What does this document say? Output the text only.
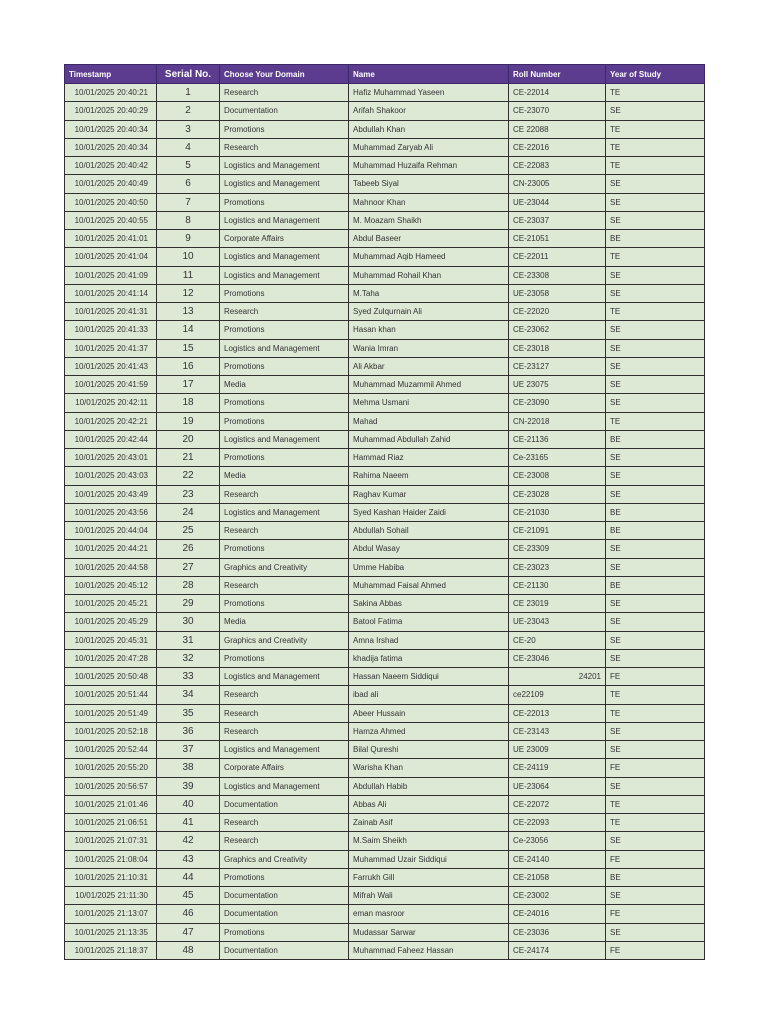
Timestamp	Serial No.	Choose Your Domain	Name	Roll Number	Year of Study
10/01/2025 20:40:21	1	Research	Hafiz Muhammad Yaseen	CE-22014	TE
10/01/2025 20:40:29	2	Documentation	Arifah Shakoor	CE-23070	SE
10/01/2025 20:40:34	3	Promotions	Abdullah Khan	CE 22088	TE
10/01/2025 20:40:34	4	Research	Muhammad Zaryab Ali	CE-22016	TE
10/01/2025 20:40:42	5	Logistics and Management	Muhammad Huzaifa Rehman	CE-22083	TE
10/01/2025 20:40:49	6	Logistics and Management	Tabeeb Siyal	CN-23005	SE
10/01/2025 20:40:50	7	Promotions	Mahnoor Khan	UE-23044	SE
10/01/2025 20:40:55	8	Logistics and Management	M. Moazam Shaikh	CE-23037	SE
10/01/2025 20:41:01	9	Corporate Affairs	Abdul Baseer	CE-21051	BE
10/01/2025 20:41:04	10	Logistics and Management	Muhammad Aqib Hameed	CE-22011	TE
10/01/2025 20:41:09	11	Logistics and Management	Muhammad Rohail Khan	CE-23308	SE
10/01/2025 20:41:14	12	Promotions	M.Taha	UE-23058	SE
10/01/2025 20:41:31	13	Research	Syed Zulqurnain Ali	CE-22020	TE
10/01/2025 20:41:33	14	Promotions	Hasan khan	CE-23062	SE
10/01/2025 20:41:37	15	Logistics and Management	Wania Imran	CE-23018	SE
10/01/2025 20:41:43	16	Promotions	Ali Akbar	CE-23127	SE
10/01/2025 20:41:59	17	Media	Muhammad Muzammil Ahmed	UE 23075	SE
10/01/2025 20:42:11	18	Promotions	Mehma Usmani	CE-23090	SE
10/01/2025 20:42:21	19	Promotions	Mahad	CN-22018	TE
10/01/2025 20:42:44	20	Logistics and Management	Muhammad Abdullah Zahid	CE-21136	BE
10/01/2025 20:43:01	21	Promotions	Hammad Riaz	Ce-23165	SE
10/01/2025 20:43:03	22	Media	Rahima Naeem	CE-23008	SE
10/01/2025 20:43:49	23	Research	Raghav Kumar	CE-23028	SE
10/01/2025 20:43:56	24	Logistics and Management	Syed Kashan Haider Zaidi	CE-21030	BE
10/01/2025 20:44:04	25	Research	Abdullah Sohail	CE-21091	BE
10/01/2025 20:44:21	26	Promotions	Abdul Wasay	CE-23309	SE
10/01/2025 20:44:58	27	Graphics and Creativity	Umme Habiba	CE-23023	SE
10/01/2025 20:45:12	28	Research	Muhammad Faisal Ahmed	CE-21130	BE
10/01/2025 20:45:21	29	Promotions	Sakina Abbas	CE 23019	SE
10/01/2025 20:45:29	30	Media	Batool Fatima	UE-23043	SE
10/01/2025 20:45:31	31	Graphics and Creativity	Amna Irshad	CE-20	SE
10/01/2025 20:47:28	32	Promotions	khadija fatima	CE-23046	SE
10/01/2025 20:50:48	33	Logistics and Management	Hassan Naeem Siddiqui	24201	FE
10/01/2025 20:51:44	34	Research	ibad ali	ce22109	TE
10/01/2025 20:51:49	35	Research	Abeer Hussain	CE-22013	TE
10/01/2025 20:52:18	36	Research	Hamza Ahmed	CE-23143	SE
10/01/2025 20:52:44	37	Logistics and Management	Bilal Qureshi	UE 23009	SE
10/01/2025 20:55:20	38	Corporate Affairs	Warisha Khan	CE-24119	FE
10/01/2025 20:56:57	39	Logistics and Management	Abdullah Habib	UE-23064	SE
10/01/2025 21:01:46	40	Documentation	Abbas Ali	CE-22072	TE
10/01/2025 21:06:51	41	Research	Zainab Asif	CE-22093	TE
10/01/2025 21:07:31	42	Research	M.Saim Sheikh	Ce-23056	SE
10/01/2025 21:08:04	43	Graphics and Creativity	Muhammad Uzair Siddiqui	CE-24140	FE
10/01/2025 21:10:31	44	Promotions	Farrukh Gill	CE-21058	BE
10/01/2025 21:11:30	45	Documentation	Mifrah Wali	CE-23002	SE
10/01/2025 21:13:07	46	Documentation	eman masroor	CE-24016	FE
10/01/2025 21:13:35	47	Promotions	Mudassar Sarwar	CE-23036	SE
10/01/2025 21:18:37	48	Documentation	Muhammad Faheez Hassan	CE-24174	FE
